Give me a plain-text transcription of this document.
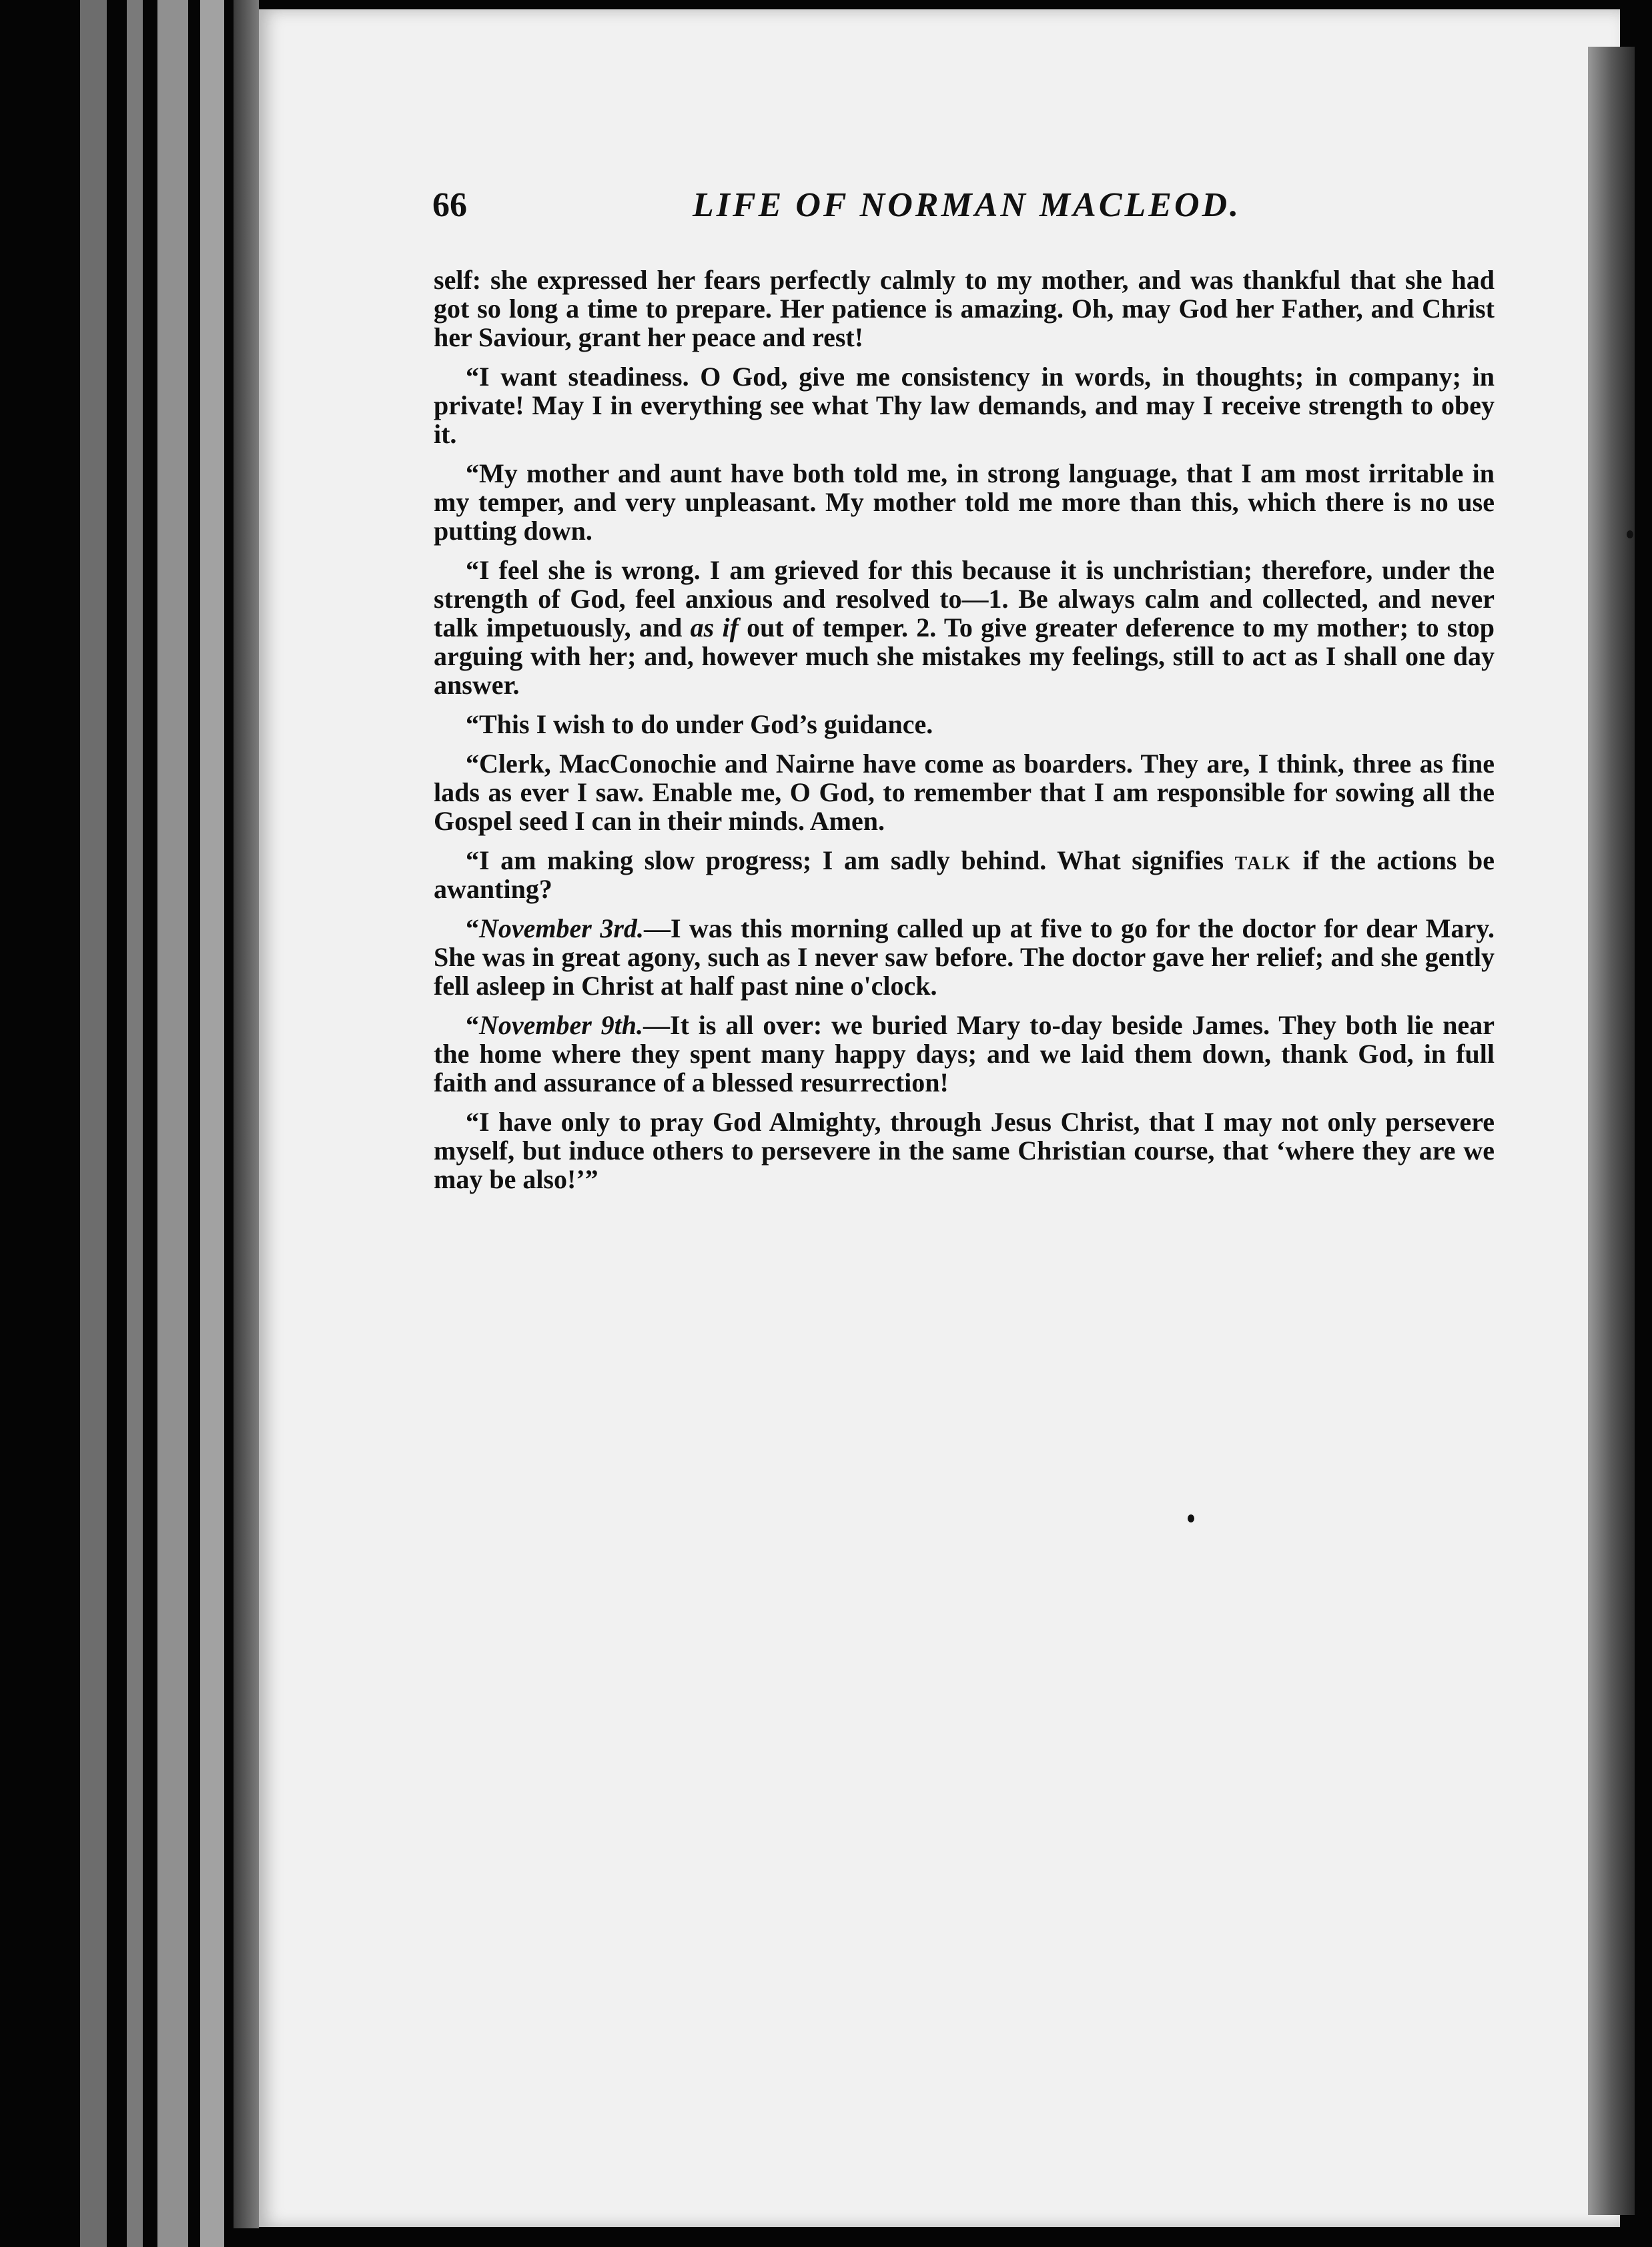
66	LIFE OF NORMAN MACLEOD.

self: she expressed her fears perfectly calmly to my mother, and was thankful that she had got so long a time to prepare. Her patience is amazing. Oh, may God her Father, and Christ her Saviour, grant her peace and rest!

“I want steadiness. O God, give me consistency in words, in thoughts; in company; in private! May I in everything see what Thy law demands, and may I receive strength to obey it.

“My mother and aunt have both told me, in strong language, that I am most irritable in my temper, and very unpleasant. My mother told me more than this, which there is no use putting down.

“I feel she is wrong. I am grieved for this because it is unchristian; therefore, under the strength of God, feel anxious and resolved to—1. Be always calm and collected, and never talk impetuously, and as if out of temper. 2. To give greater deference to my mother; to stop arguing with her; and, however much she mistakes my feelings, still to act as I shall one day answer.

“This I wish to do under God’s guidance.

“Clerk, MacConochie and Nairne have come as boarders. They are, I think, three as fine lads as ever I saw. Enable me, O God, to remember that I am responsible for sowing all the Gospel seed I can in their minds. Amen.

“I am making slow progress; I am sadly behind. What signifies talk if the actions be awanting?

“November 3rd.—I was this morning called up at five to go for the doctor for dear Mary. She was in great agony, such as I never saw before. The doctor gave her relief; and she gently fell asleep in Christ at half past nine o'clock.

“November 9th.—It is all over: we buried Mary to-day beside James. They both lie near the home where they spent many happy days; and we laid them down, thank God, in full faith and assurance of a blessed resurrection!

“I have only to pray God Almighty, through Jesus Christ, that I may not only persevere myself, but induce others to persevere in the same Christian course, that ‘where they are we may be also!’”
